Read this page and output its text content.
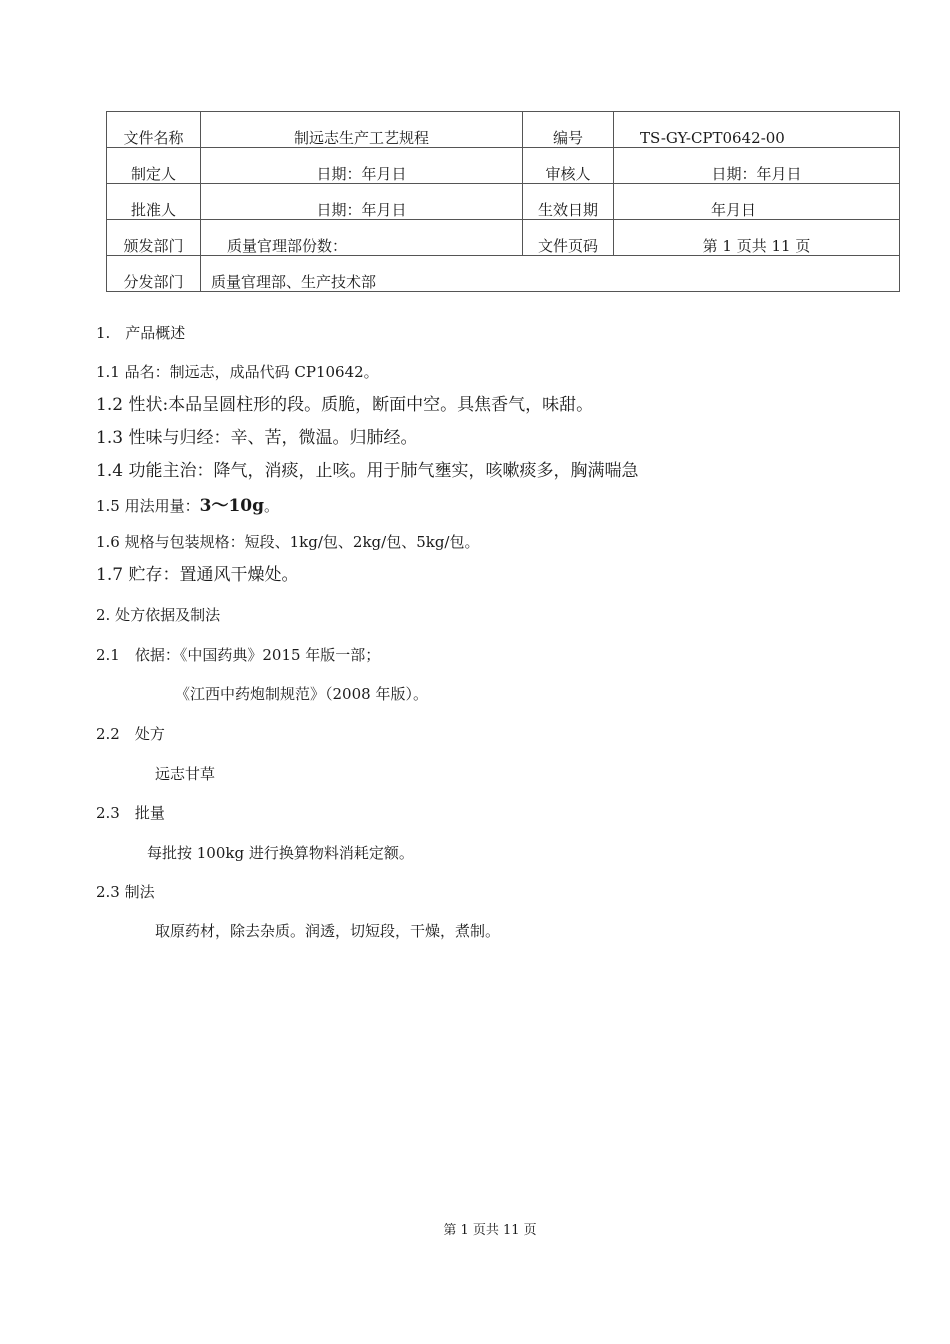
文件名称	制远志生产工艺规程	编号	TS-GY-CPT0642-00
制定人	日期：年月日	审核人	日期：年月日
批准人	日期：年月日	生效日期	年月日
颁发部门	质量官理部份数：	文件页码	第 1 页共 11 页
分发部门	质量官理部、生产技术部		
1.　产品概述
1.1 品名：制远志，成品代码 CP10642。
1.2 性状:本品呈圆柱形的段。质脆，断面中空。具焦香气，味甜。
1.3 性味与归经：辛、苦，微温。归肺经。
1.4 功能主治：降气，消痰，止咳。用于肺气壅实，咳嗽痰多，胸满喘急
1.5 用法用量：3〜10g。
1.6 规格与包装规格：短段、1kg/包、2kg/包、5kg/包。
1.7 贮存：置通风干燥处。
2. 处方依据及制法
2.1　依据：《中国药典》2015 年版一部；
《江西中药炮制规范》（2008 年版）。
2.2　处方
远志甘草
2.3　批量
每批按 100kg 进行换算物料消耗定额。
2.3 制法
取原药材，除去杂质。润透，切短段，干燥，煮制。
第 1 页共 11 页
